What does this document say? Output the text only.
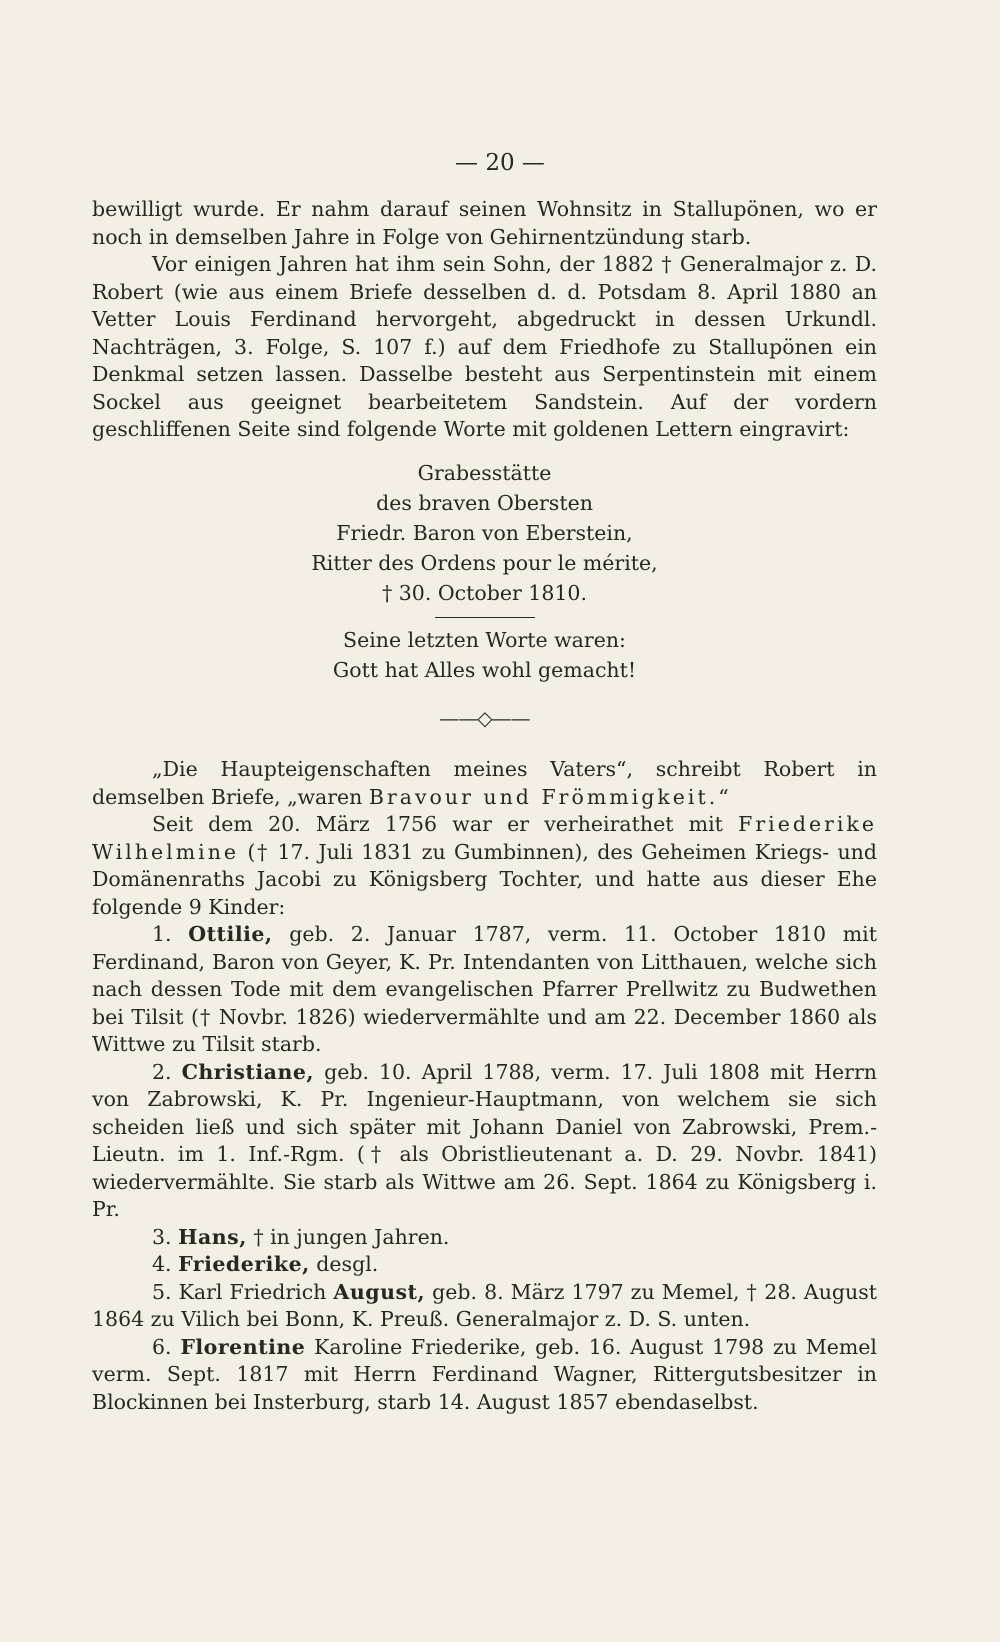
— 20 —

bewilligt wurde. Er nahm darauf seinen Wohnsitz in Stallupönen, wo er noch in demselben Jahre in Folge von Gehirnentzündung starb.

Vor einigen Jahren hat ihm sein Sohn, der 1882 † Generalmajor z. D. Robert (wie aus einem Briefe desselben d. d. Potsdam 8. April 1880 an Vetter Louis Ferdinand hervorgeht, abgedruckt in dessen Urkundl. Nachträgen, 3. Folge, S. 107 f.) auf dem Friedhofe zu Stallupönen ein Denkmal setzen lassen. Dasselbe besteht aus Serpentinstein mit einem Sockel aus geeignet bearbeitetem Sandstein. Auf der vordern geschliffenen Seite sind folgende Worte mit goldenen Lettern eingravirt:

Grabesstätte

des braven Obersten

Friedr. Baron von Eberstein,

Ritter des Ordens pour le mérite,

† 30. October 1810.

Seine letzten Worte waren:

Gott hat Alles wohl gemacht!

——◇——

„Die Haupteigenschaften meines Vaters“, schreibt Robert in demselben Briefe, „waren Bravour und Frömmigkeit.“

Seit dem 20. März 1756 war er verheirathet mit Friederike Wilhelmine († 17. Juli 1831 zu Gumbinnen), des Geheimen Kriegs- und Domänenraths Jacobi zu Königsberg Tochter, und hatte aus dieser Ehe folgende 9 Kinder:

1. Ottilie, geb. 2. Januar 1787, verm. 11. October 1810 mit Ferdinand, Baron von Geyer, K. Pr. Intendanten von Litthauen, welche sich nach dessen Tode mit dem evangelischen Pfarrer Prellwitz zu Budwethen bei Tilsit († Novbr. 1826) wiedervermählte und am 22. December 1860 als Wittwe zu Tilsit starb.

2. Christiane, geb. 10. April 1788, verm. 17. Juli 1808 mit Herrn von Zabrowski, K. Pr. Ingenieur-Hauptmann, von welchem sie sich scheiden ließ und sich später mit Johann Daniel von Zabrowski, Prem.-Lieutn. im 1. Inf.-Rgm. († als Obristlieutenant a. D. 29. Novbr. 1841) wiedervermählte. Sie starb als Wittwe am 26. Sept. 1864 zu Königsberg i. Pr.

3. Hans, † in jungen Jahren.

4. Friederike, desgl.

5. Karl Friedrich August, geb. 8. März 1797 zu Memel, † 28. August 1864 zu Vilich bei Bonn, K. Preuß. Generalmajor z. D. S. unten.

6. Florentine Karoline Friederike, geb. 16. August 1798 zu Memel verm. Sept. 1817 mit Herrn Ferdinand Wagner, Rittergutsbesitzer in Blockinnen bei Insterburg, starb 14. August 1857 ebendaselbst.
